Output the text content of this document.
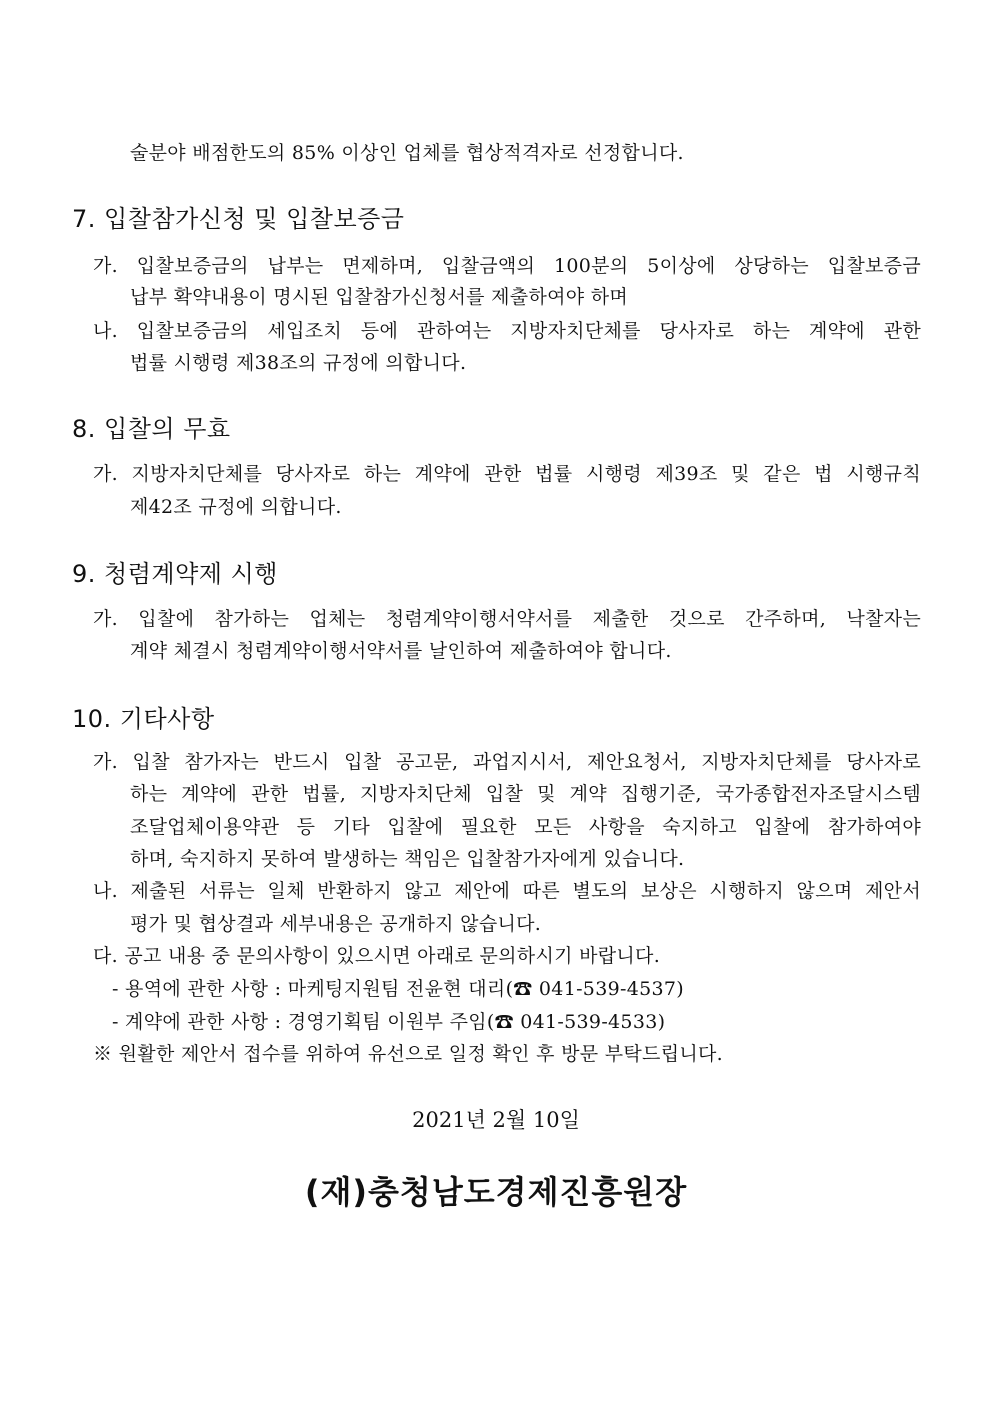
술분야 배점한도의 85% 이상인 업체를 협상적격자로 선정합니다.
7. 입찰참가신청 및 입찰보증금
가. 입찰보증금의 납부는 면제하며, 입찰금액의 100분의 5이상에 상당하는 입찰보증금
납부 확약내용이 명시된 입찰참가신청서를 제출하여야 하며
나. 입찰보증금의 세입조치 등에 관하여는 지방자치단체를 당사자로 하는 계약에 관한
법률 시행령 제38조의 규정에 의합니다.
8. 입찰의 무효
가. 지방자치단체를 당사자로 하는 계약에 관한 법률 시행령 제39조 및 같은 법 시행규칙
제42조 규정에 의합니다.
9. 청렴계약제 시행
가. 입찰에 참가하는 업체는 청렴계약이행서약서를 제출한 것으로 간주하며, 낙찰자는
계약 체결시 청렴계약이행서약서를 날인하여 제출하여야 합니다.
10. 기타사항
가. 입찰 참가자는 반드시 입찰 공고문, 과업지시서, 제안요청서, 지방자치단체를 당사자로
하는 계약에 관한 법률, 지방자치단체 입찰 및 계약 집행기준, 국가종합전자조달시스템
조달업체이용약관 등 기타 입찰에 필요한 모든 사항을 숙지하고 입찰에 참가하여야
하며, 숙지하지 못하여 발생하는 책임은 입찰참가자에게 있습니다.
나. 제출된 서류는 일체 반환하지 않고 제안에 따른 별도의 보상은 시행하지 않으며 제안서
평가 및 협상결과 세부내용은 공개하지 않습니다.
다. 공고 내용 중 문의사항이 있으시면 아래로 문의하시기 바랍니다.
- 용역에 관한 사항 : 마케팅지원팀 전윤현 대리(☎ 041-539-4537)
- 계약에 관한 사항 : 경영기획팀 이원부 주임(☎ 041-539-4533)
※ 원활한 제안서 접수를 위하여 유선으로 일정 확인 후 방문 부탁드립니다.
2021년 2월 10일
(재)충청남도경제진흥원장
